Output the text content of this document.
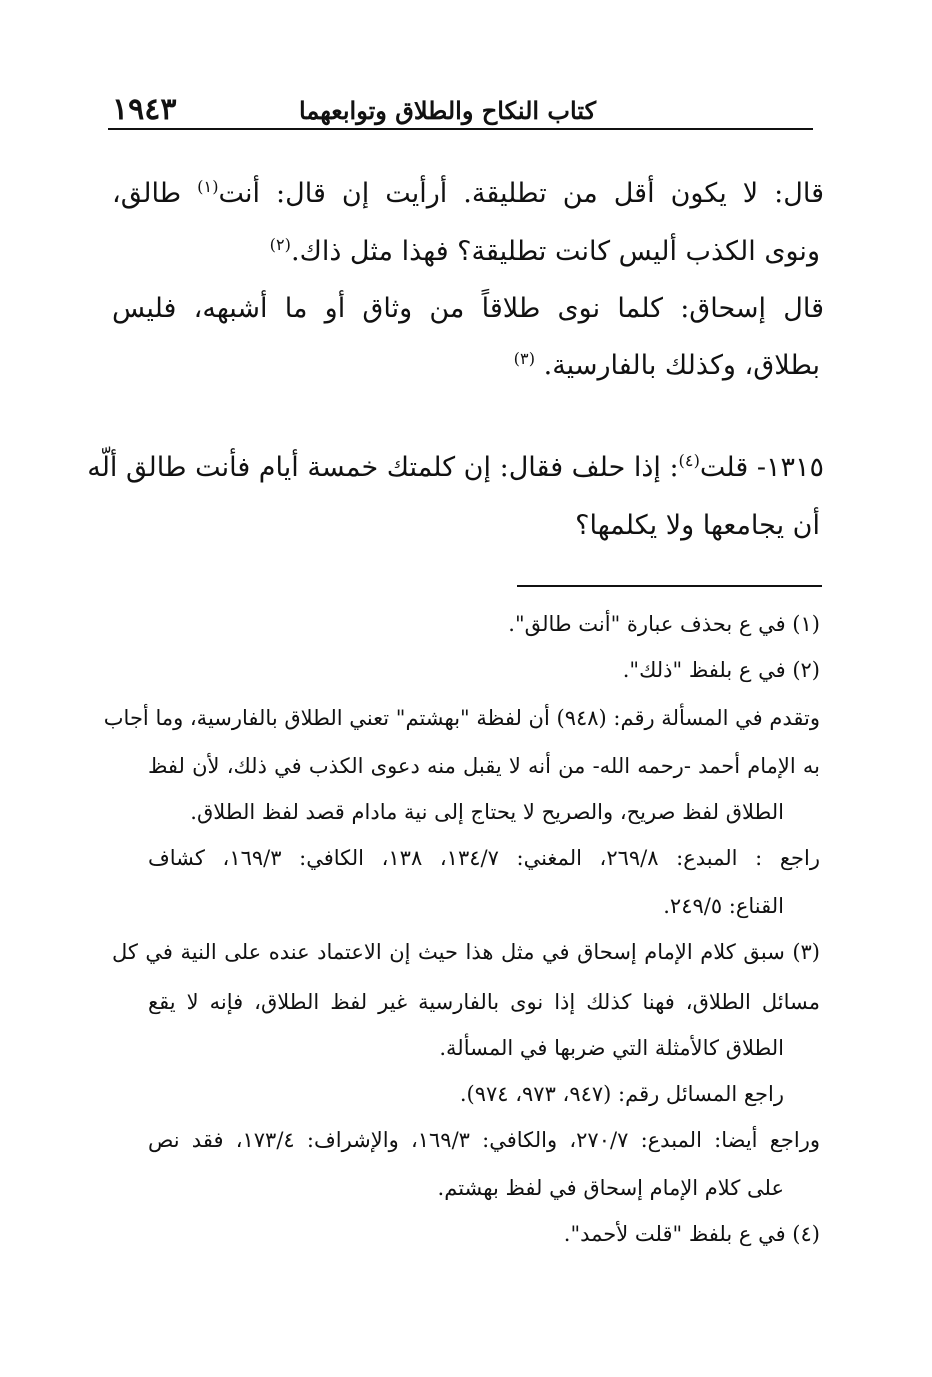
١٩٤٣	كتاب النكاح والطلاق وتوابعهما
قال: لا يكون أقل من تطليقة. أرأيت إن قال: أنت$^{(١)}$ طالق،
ونوى الكذب أليس كانت تطليقة؟ فهذا مثل ذاك.$^{(٢)}$
قال إسحاق: كلما نوى طلاقاً من وثاق أو ما أشبهه، فليس
بطلاق، وكذلك بالفارسية. $^{(٣)}$
١٣١٥- قلت$^{(٤)}$: إذا حلف فقال: إن كلمتك خمسة أيام فأنت طالق ألّه
أن يجامعها ولا يكلمها؟
(١) في ع بحذف عبارة "أنت طالق".
(٢) في ع بلفظ "ذلك".
وتقدم في المسألة رقم: (٩٤٨) أن لفظة "بهشتم" تعني الطلاق بالفارسية، وما أجاب
به الإمام أحمد -رحمه الله- من أنه لا يقبل منه دعوى الكذب في ذلك، لأن لفظ
الطلاق لفظ صريح، والصريح لا يحتاج إلى نية مادام قصد لفظ الطلاق.
راجع : المبدع: ٢٦٩/٨، المغني: ١٣٤/٧، ١٣٨، الكافي: ١٦٩/٣، كشاف
القناع: ٢٤٩/٥.
(٣) سبق كلام الإمام إسحاق في مثل هذا حيث إن الاعتماد عنده على النية في كل
مسائل الطلاق، فهنا كذلك إذا نوى بالفارسية غير لفظ الطلاق، فإنه لا يقع
الطلاق كالأمثلة التي ضربها في المسألة.
راجع المسائل رقم: (٩٤٧، ٩٧٣، ٩٧٤).
وراجع أيضا: المبدع: ٢٧٠/٧، والكافي: ١٦٩/٣، والإشراف: ١٧٣/٤، فقد نص
على كلام الإمام إسحاق في لفظ بهشتم.
(٤) في ع بلفظ "قلت لأحمد".
